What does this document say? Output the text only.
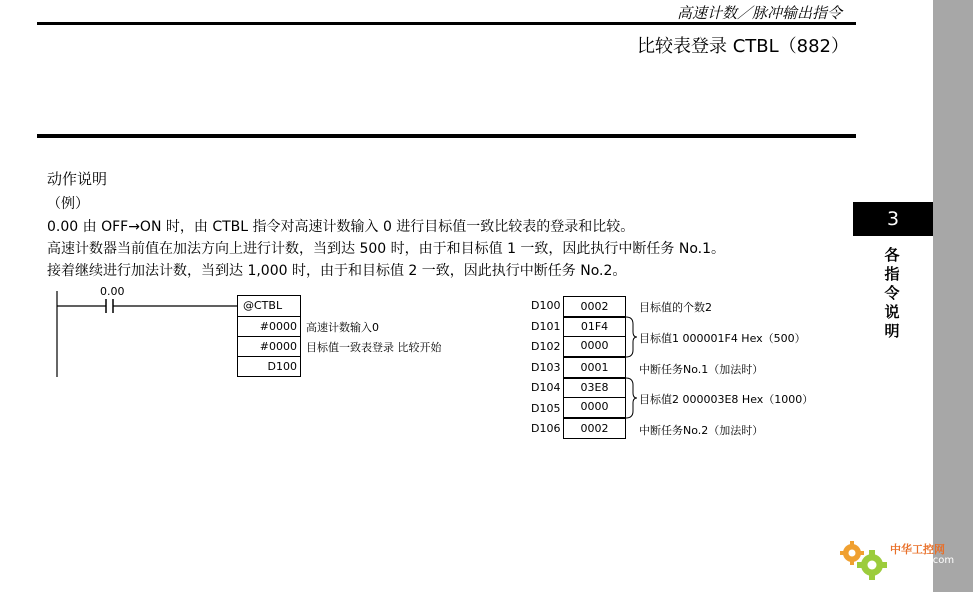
高速计数／脉冲输出指令
比较表登录 CTBL（882）
3
各
指
令
说
明
动作说明
（例）
0.00 由 OFF→ON 时，由 CTBL 指令对高速计数输入 0 进行目标值一致比较表的登录和比较。
高速计数器当前值在加法方向上进行计数，当到达 500 时，由于和目标值 1 一致，因此执行中断任务 No.1。
接着继续进行加法计数，当到达 1,000 时，由于和目标值 2 一致，因此执行中断任务 No.2。
0.00
@CTBL
#0000
#0000
D100
高速计数输入0
目标值一致表登录 比较开始
D100
D101
D102
D103
D104
D105
D106
0002
01F4
0000
0001
03E8
0000
0002
目标值的个数2
目标值1 000001F4 Hex（500）
中断任务No.1（加法时）
目标值2 000003E8 Hex（1000）
中断任务No.2（加法时）
中华工控网
gkong.com
